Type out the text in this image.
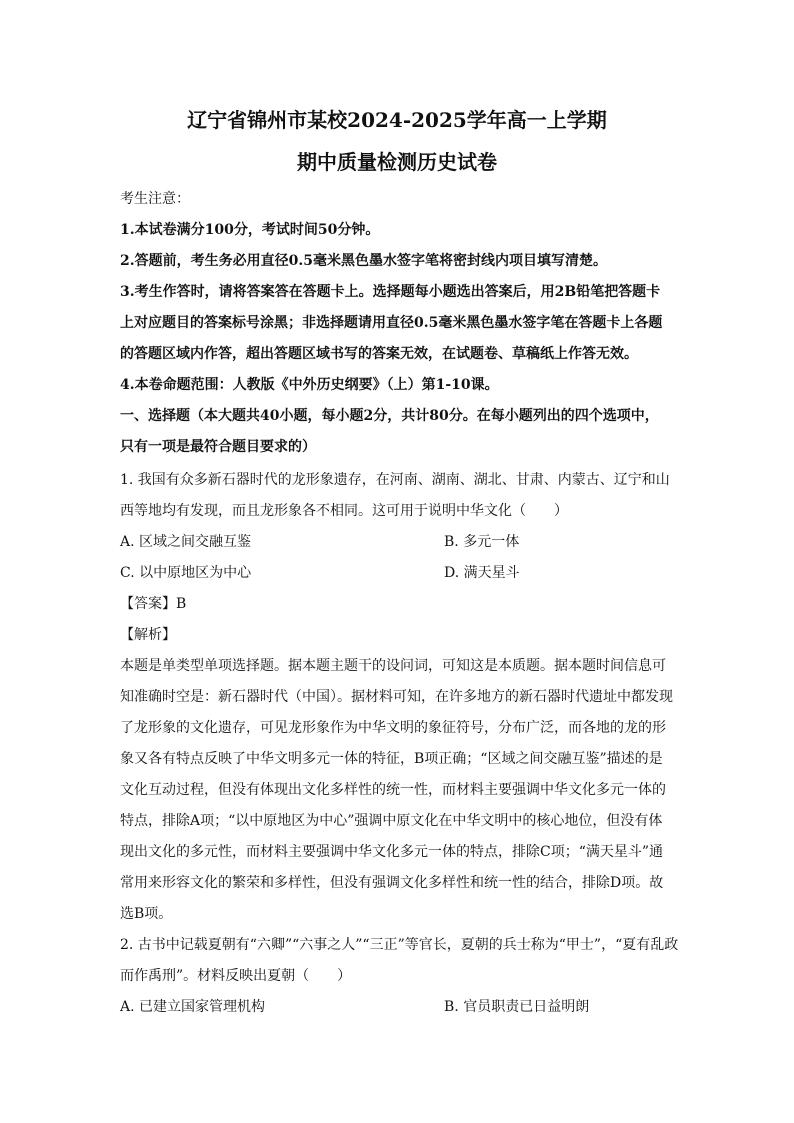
辽宁省锦州市某校2024-2025学年高一上学期
期中质量检测历史试卷
考生注意：
1.本试卷满分100分，考试时间50分钟。
2.答题前，考生务必用直径0.5毫米黑色墨水签字笔将密封线内项目填写清楚。
3.考生作答时，请将答案答在答题卡上。选择题每小题选出答案后，用2B铅笔把答题卡
上对应题目的答案标号涂黑；非选择题请用直径0.5毫米黑色墨水签字笔在答题卡上各题
的答题区域内作答，超出答题区域书写的答案无效，在试题卷、草稿纸上作答无效。
4.本卷命题范围：人教版《中外历史纲要》（上）第1-10课。
一、选择题（本大题共40小题，每小题2分，共计80分。在每小题列出的四个选项中，
只有一项是最符合题目要求的）
1. 我国有众多新石器时代的龙形象遗存，在河南、湖南、湖北、甘肃、内蒙古、辽宁和山
西等地均有发现，而且龙形象各不相同。这可用于说明中华文化（　　）
A. 区域之间交融互鉴	B. 多元一体
C. 以中原地区为中心	D. 满天星斗
【答案】B
【解析】
本题是单类型单项选择题。据本题主题干的设问词，可知这是本质题。据本题时间信息可
知准确时空是：新石器时代（中国）。据材料可知，在许多地方的新石器时代遗址中都发现
了龙形象的文化遗存，可见龙形象作为中华文明的象征符号，分布广泛，而各地的龙的形
象又各有特点反映了中华文明多元一体的特征，B项正确；“区域之间交融互鉴”描述的是
文化互动过程，但没有体现出文化多样性的统一性，而材料主要强调中华文化多元一体的
特点，排除A项；“以中原地区为中心”强调中原文化在中华文明中的核心地位，但没有体
现出文化的多元性，而材料主要强调中华文化多元一体的特点，排除C项；“满天星斗”通
常用来形容文化的繁荣和多样性，但没有强调文化多样性和统一性的结合，排除D项。故
选B项。
2. 古书中记载夏朝有“六卿”“六事之人”“三正”等官长，夏朝的兵士称为“甲士”，“夏有乱政
而作禹刑”。材料反映出夏朝（　　）
A. 已建立国家管理机构	B. 官员职责已日益明朗
